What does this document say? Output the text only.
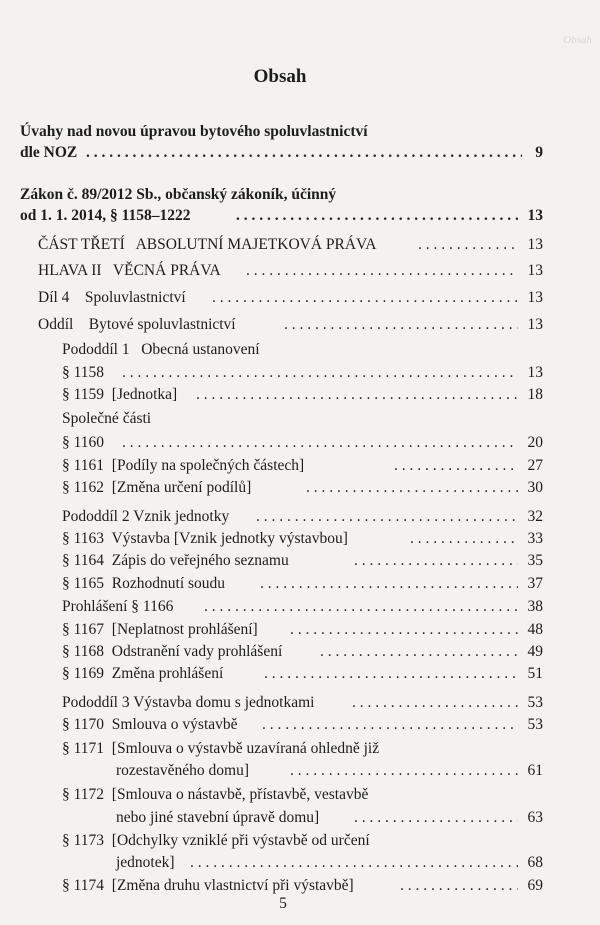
Obsah
Obsah
Úvahy nad novou úpravou bytového spoluvlastnictví
dle NOZ . . .	9
Zákon č. 89/2012 Sb., občanský zákoník, účinný
od 1. 1. 2014, § 1158–1222 . . .	13
ČÁST TŘETÍ   ABSOLUTNÍ MAJETKOVÁ PRÁVA . . .	13
HLAVA II   VĚCNÁ PRÁVA . . .	13
Díl 4    Spoluvlastnictví . . .	13
Oddíl    Bytové spoluvlastnictví . . .	13
Pododdíl 1   Obecná ustanovení
§ 1158 . . .	13
§ 1159  [Jednotka] . . .	18
Společné části
§ 1160 . . .	20
§ 1161  [Podíly na společných částech] . . .	27
§ 1162  [Změna určení podílů] . . .	30
Pododdíl 2 Vznik jednotky . . .	32
§ 1163  Výstavba [Vznik jednotky výstavbou] . . .	33
§ 1164  Zápis do veřejného seznamu . . .	35
§ 1165  Rozhodnutí soudu . . .	37
Prohlášení § 1166 . . .	38
§ 1167  [Neplatnost prohlášení] . . .	48
§ 1168  Odstranění vady prohlášení . . .	49
§ 1169  Změna prohlášení . . .	51
Pododdíl 3 Výstavba domu s jednotkami . . .	53
§ 1170  Smlouva o výstavbě . . .	53
§ 1171  [Smlouva o výstavbě uzavíraná ohledně již
rozestavěného domu] . . .	61
§ 1172  [Smlouva o nástavbě, přístavbě, vestavbě
nebo jiné stavební úpravě domu] . . .	63
§ 1173  [Odchylky vzniklé při výstavbě od určení
jednotek] . . .	68
§ 1174  [Změna druhu vlastnictví při výstavbě] . . .	69
5
